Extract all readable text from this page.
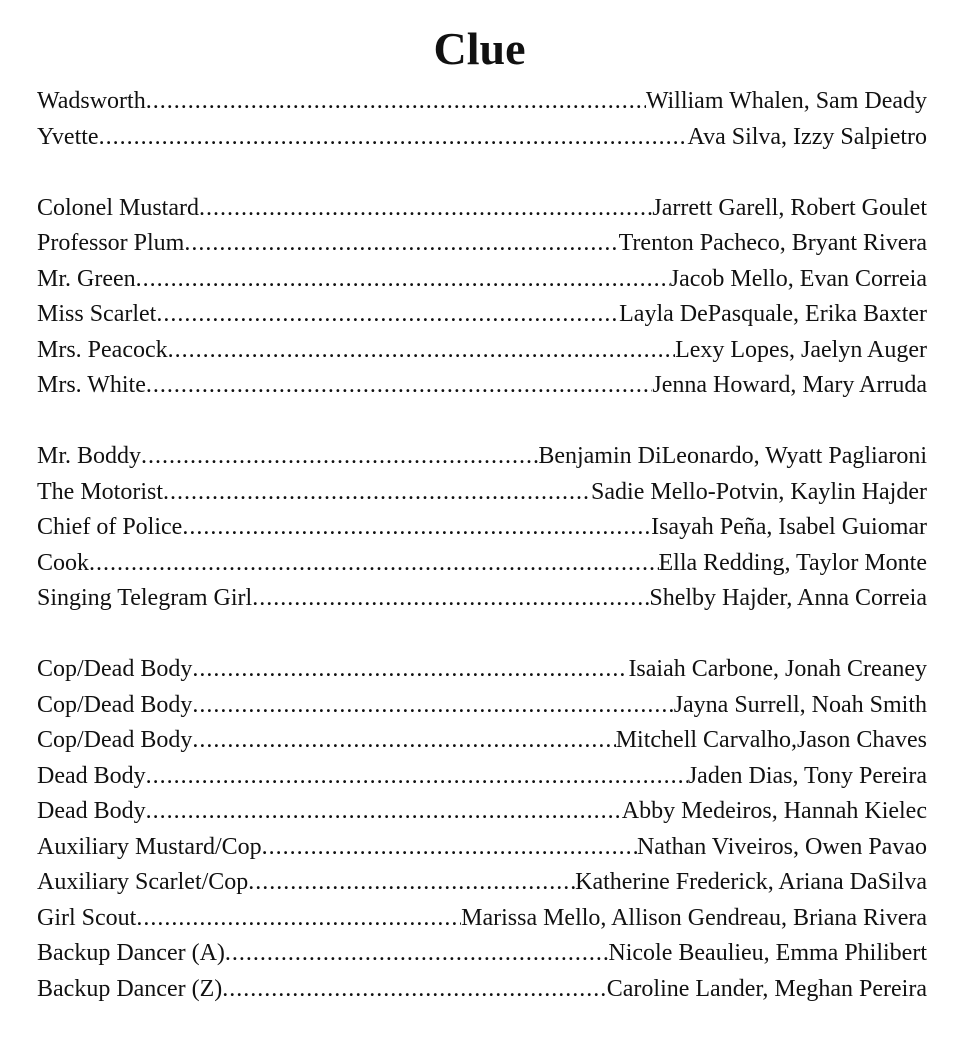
Clue
Wadsworth .....	William Whalen, Sam Deady
Yvette .....	Ava Silva, Izzy Salpietro
Colonel Mustard .....	Jarrett Garell, Robert Goulet
Professor Plum .....	Trenton Pacheco, Bryant Rivera
Mr. Green .....	Jacob Mello, Evan Correia
Miss Scarlet .....	Layla DePasquale, Erika Baxter
Mrs. Peacock .....	Lexy Lopes, Jaelyn Auger
Mrs. White .....	Jenna Howard, Mary Arruda
Mr. Boddy .....	Benjamin DiLeonardo, Wyatt Pagliaroni
The Motorist .....	Sadie Mello-Potvin, Kaylin Hajder
Chief of Police .....	Isayah Peña, Isabel Guiomar
Cook .....	Ella Redding, Taylor Monte
Singing Telegram Girl .....	Shelby Hajder, Anna Correia
Cop/Dead Body .....	Isaiah Carbone, Jonah Creaney
Cop/Dead Body .....	Jayna Surrell, Noah Smith
Cop/Dead Body .....	Mitchell Carvalho,Jason Chaves
Dead Body .....	Jaden Dias, Tony Pereira
Dead Body .....	Abby Medeiros, Hannah Kielec
Auxiliary Mustard/Cop .....	Nathan Viveiros, Owen Pavao
Auxiliary Scarlet/Cop .....	Katherine Frederick, Ariana DaSilva
Girl Scout .....	Marissa Mello, Allison Gendreau, Briana Rivera
Backup Dancer (A) .....	Nicole Beaulieu, Emma Philibert
Backup Dancer (Z) .....	Caroline Lander, Meghan Pereira
